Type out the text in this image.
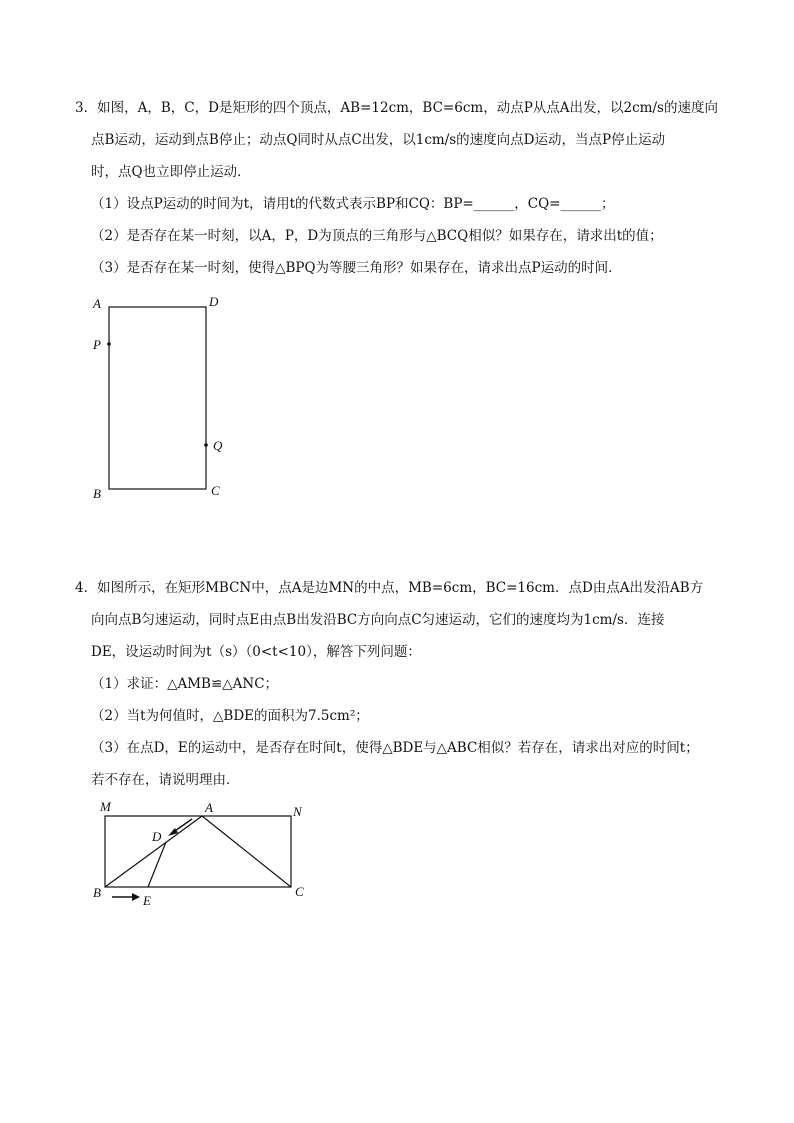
3．如图，A，B，C，D是矩形的四个顶点，AB=12cm，BC=6cm，动点P从点A出发，以2cm/s的速度向
点B运动，运动到点B停止；动点Q同时从点C出发，以1cm/s的速度向点D运动，当点P停止运动
时，点Q也立即停止运动．
（1）设点P运动的时间为t，请用t的代数式表示BP和CQ：BP=______，CQ=______；
（2）是否存在某一时刻，以A，P，D为顶点的三角形与△BCQ相似？如果存在，请求出t的值；
（3）是否存在某一时刻，使得△BPQ为等腰三角形？如果存在，请求出点P运动的时间．
A	D
P
Q
B	C
4．如图所示，在矩形MBCN中，点A是边MN的中点，MB=6cm，BC=16cm．点D由点A出发沿AB方
向向点B匀速运动，同时点E由点B出发沿BC方向向点C匀速运动，它们的速度均为1cm/s．连接
DE，设运动时间为t（s）（0<t<10），解答下列问题：
（1）求证：△AMB≌△ANC；
（2）当t为何值时，△BDE的面积为7.5cm²；
（3）在点D，E的运动中，是否存在时间t，使得△BDE与△ABC相似？若存在，请求出对应的时间t；
若不存在，请说明理由．
M	A	N
D
B
E
C
